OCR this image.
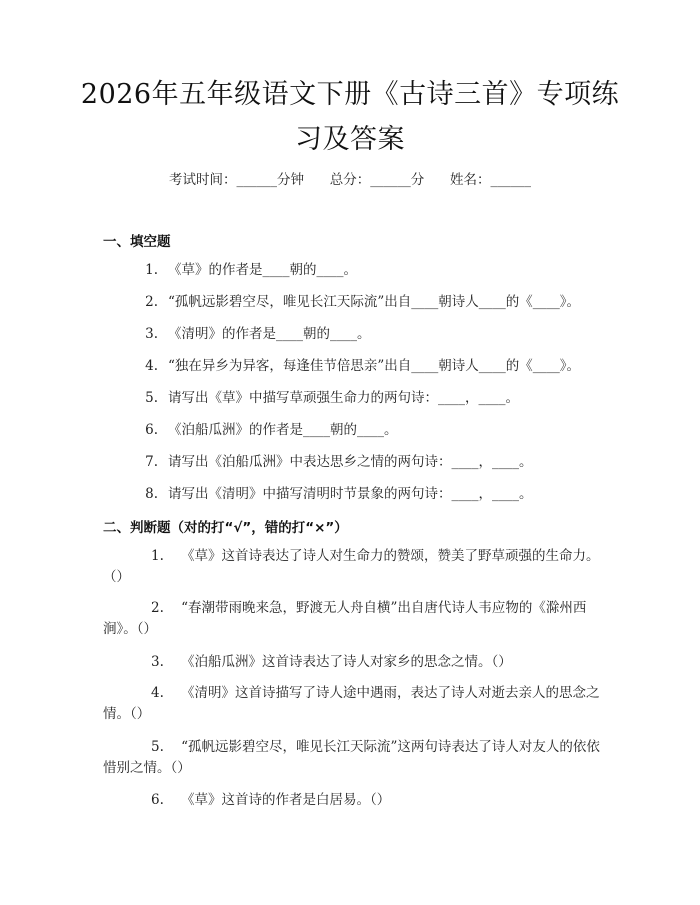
2026年五年级语文下册《古诗三首》专项练习及答案
考试时间：______分钟      总分：______分      姓名：______
一、填空题
1. 《草》的作者是____朝的____。
2. “孤帆远影碧空尽，唯见长江天际流”出自____朝诗人____的《____》。
3. 《清明》的作者是____朝的____。
4. “独在异乡为异客，每逢佳节倍思亲”出自____朝诗人____的《____》。
5. 请写出《草》中描写草顽强生命力的两句诗：____，____。
6. 《泊船瓜洲》的作者是____朝的____。
7. 请写出《泊船瓜洲》中表达思乡之情的两句诗：____，____。
8. 请写出《清明》中描写清明时节景象的两句诗：____，____。
二、判断题（对的打“√”，错的打“×”）
1. 《草》这首诗表达了诗人对生命力的赞颂，赞美了野草顽强的生命力。（）
2. “春潮带雨晚来急，野渡无人舟自横”出自唐代诗人韦应物的《滁州西涧》。（）
3. 《泊船瓜洲》这首诗表达了诗人对家乡的思念之情。（）
4. 《清明》这首诗描写了诗人途中遇雨，表达了诗人对逝去亲人的思念之情。（）
5. “孤帆远影碧空尽，唯见长江天际流”这两句诗表达了诗人对友人的依依惜别之情。（）
6. 《草》这首诗的作者是白居易。（）
